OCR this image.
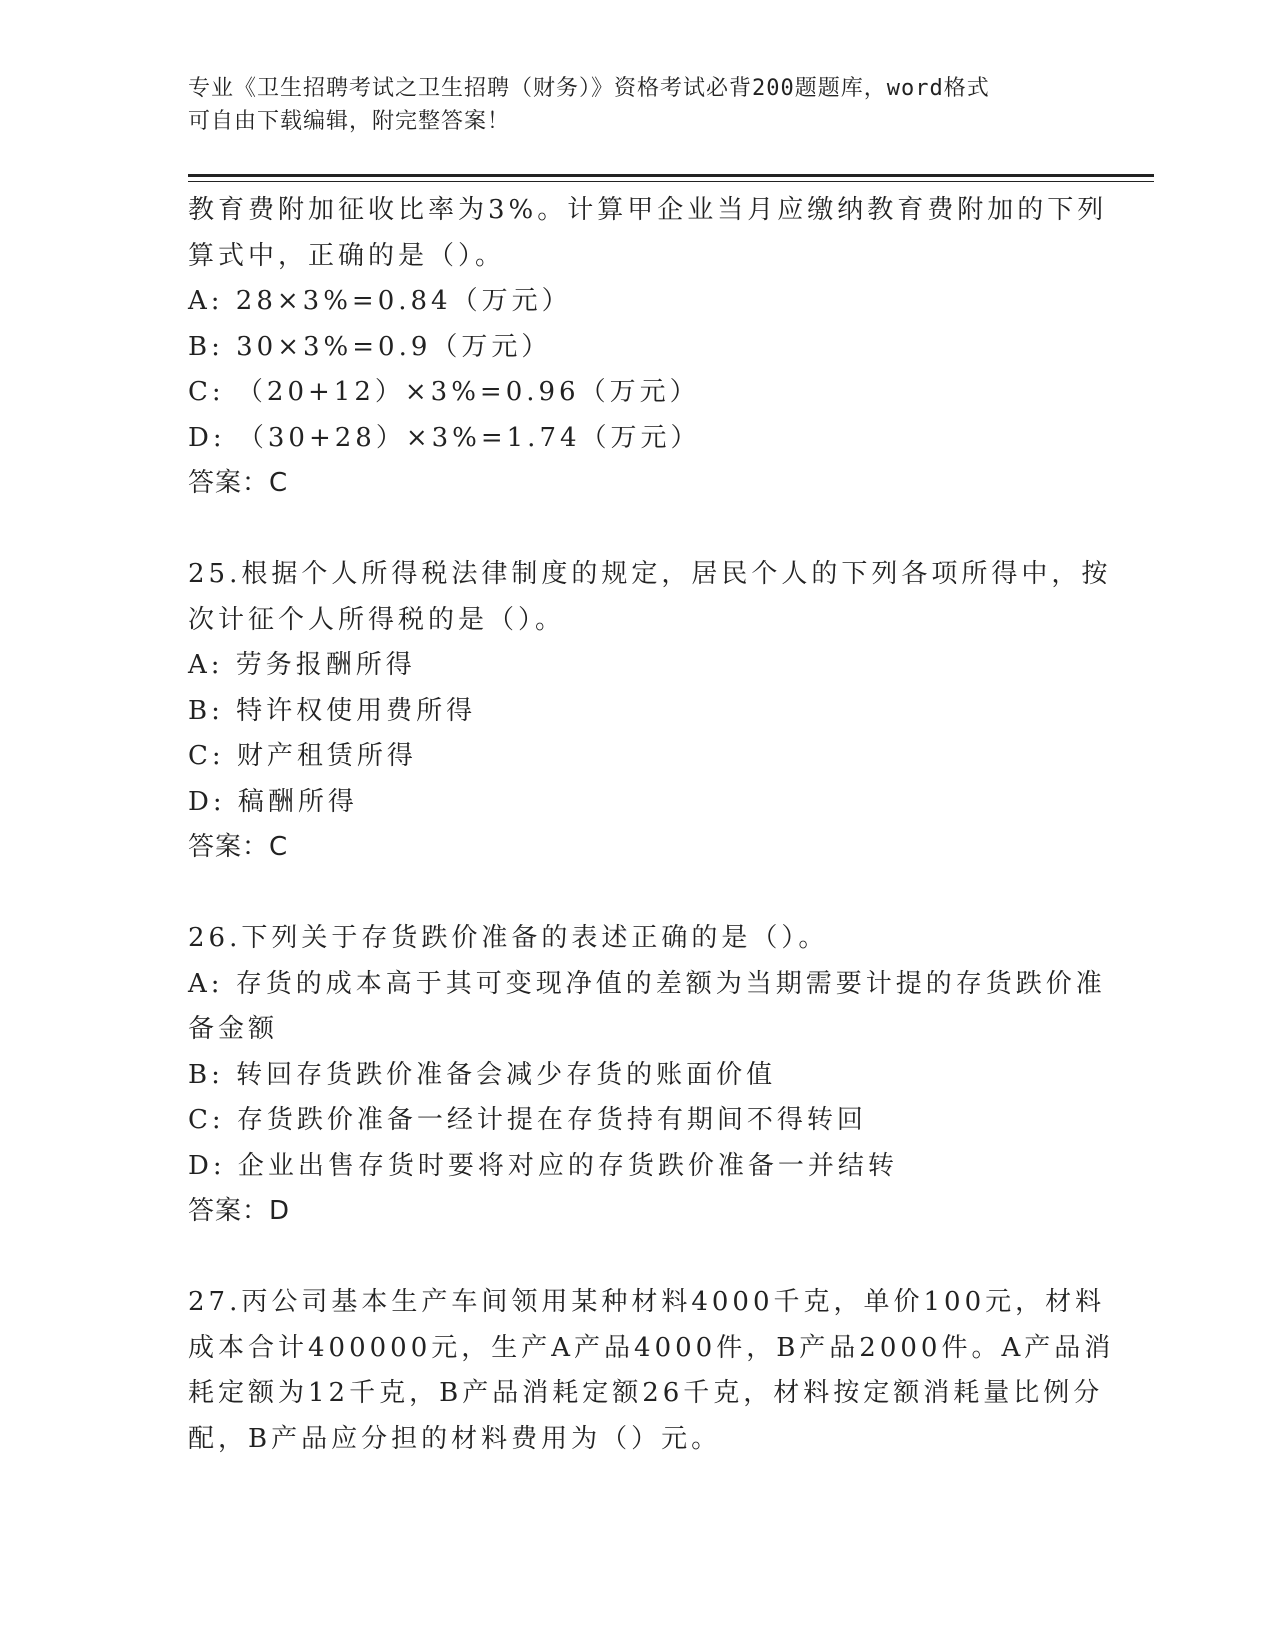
专业《卫生招聘考试之卫生招聘（财务）》资格考试必背200题题库，word格式
可自由下载编辑，附完整答案！

教育费附加征收比率为3%。计算甲企业当月应缴纳教育费附加的下列

算式中，正确的是（）。

A: 28×3%=0.84（万元）

B: 30×3%=0.9（万元）

C: （20+12）×3%=0.96（万元）

D: （30+28）×3%=1.74（万元）

答案：C

25.根据个人所得税法律制度的规定，居民个人的下列各项所得中，按

次计征个人所得税的是（）。

A: 劳务报酬所得

B: 特许权使用费所得

C: 财产租赁所得

D: 稿酬所得

答案：C

26.下列关于存货跌价准备的表述正确的是（）。

A: 存货的成本高于其可变现净值的差额为当期需要计提的存货跌价准

备金额

B: 转回存货跌价准备会减少存货的账面价值

C: 存货跌价准备一经计提在存货持有期间不得转回

D: 企业出售存货时要将对应的存货跌价准备一并结转

答案：D

27.丙公司基本生产车间领用某种材料4000千克，单价100元，材料

成本合计400000元，生产A产品4000件，B产品2000件。A产品消

耗定额为12千克，B产品消耗定额26千克，材料按定额消耗量比例分

配，B产品应分担的材料费用为（）元。
